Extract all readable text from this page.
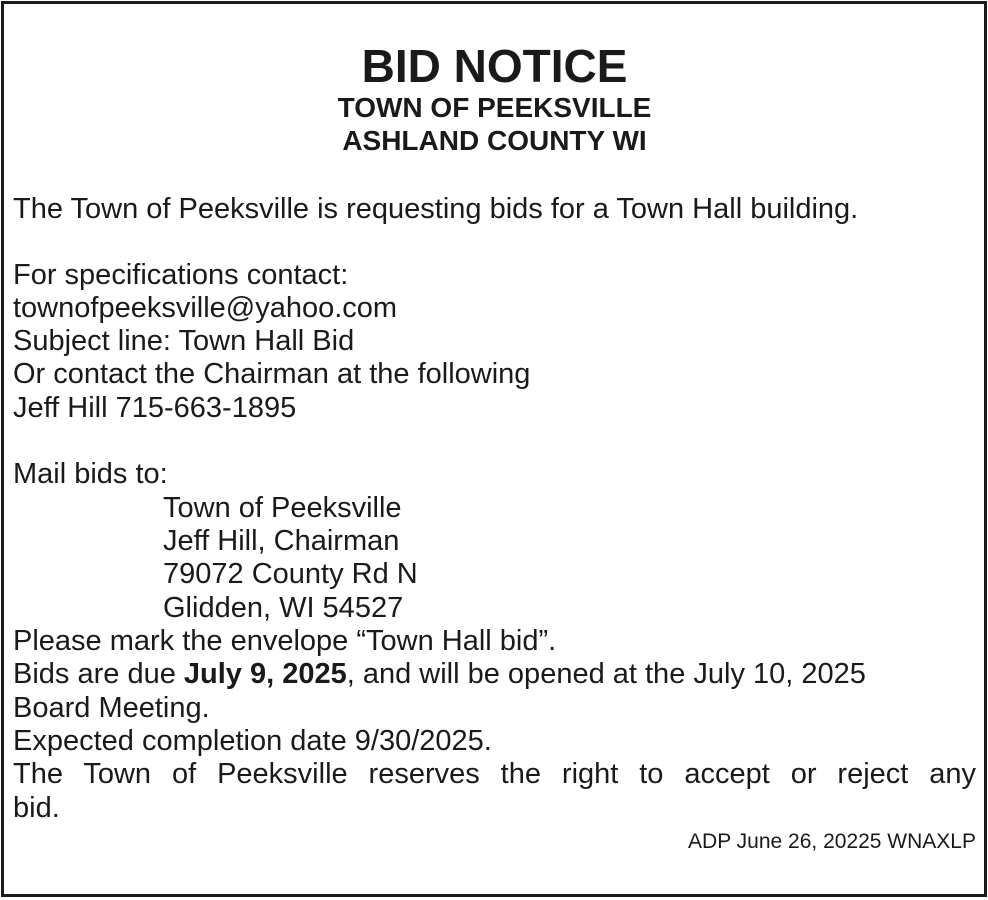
BID NOTICE
TOWN OF PEEKSVILLE
ASHLAND COUNTY WI
The Town of Peeksville is requesting bids for a Town Hall building.
For specifications contact:
townofpeeksville@yahoo.com
Subject line: Town Hall Bid
Or contact the Chairman at the following
Jeff Hill 715-663-1895
Mail bids to:
Town of Peeksville
Jeff Hill, Chairman
79072 County Rd N
Glidden, WI 54527
Please mark the envelope “Town Hall bid”.
Bids are due July 9, 2025, and will be opened at the July 10, 2025
Board Meeting.
Expected completion date 9/30/2025.
The Town of Peeksville reserves the right to accept or reject any
bid.
ADP June 26, 20225 WNAXLP
